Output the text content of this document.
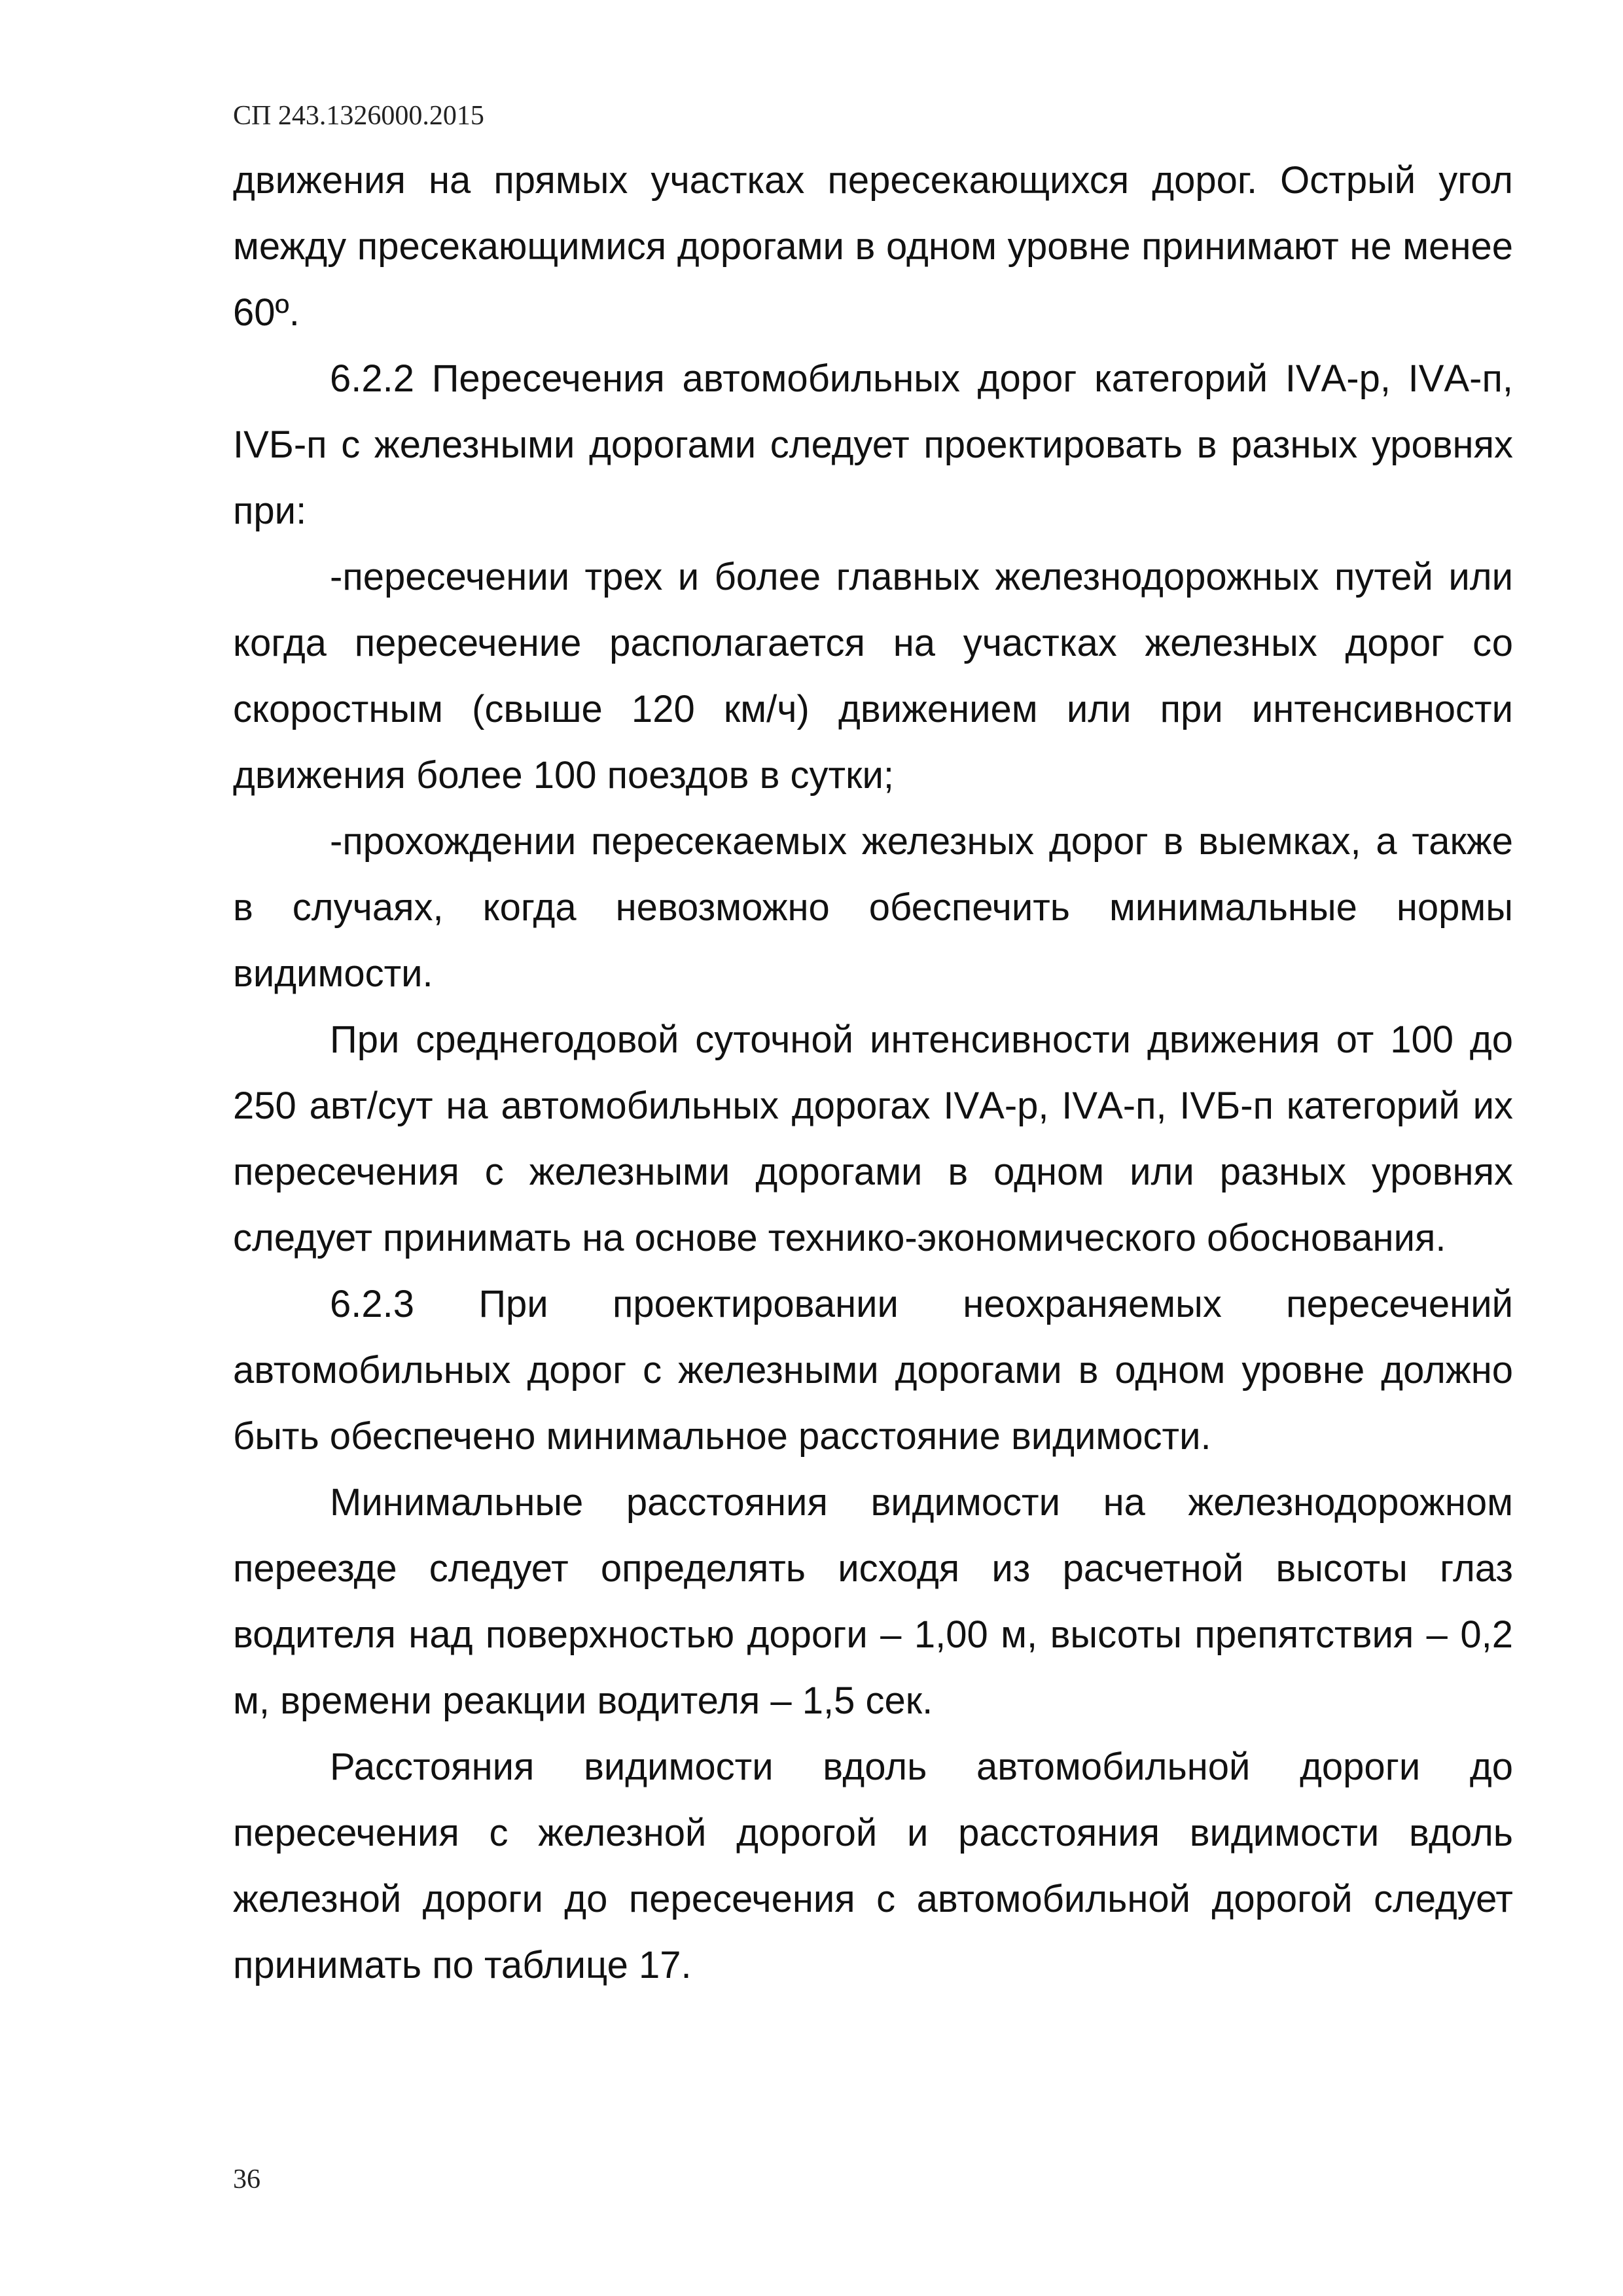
СП 243.1326000.2015

движения на прямых участках пересекающихся дорог. Острый угол между пресекающимися дорогами в одном уровне принимают не менее 60º.

6.2.2 Пересечения автомобильных дорог категорий IVА-р, IVА-п, IVБ-п с железными дорогами следует проектировать в разных уровнях при:

-пересечении трех и более главных железнодорожных путей или когда пересечение располагается на участках железных дорог со скоростным (свыше 120 км/ч) движением или при интенсивности движения более 100 поездов в сутки;

-прохождении пересекаемых железных дорог в выемках, а также в случаях, когда невозможно обеспечить минимальные нормы видимости.

При среднегодовой суточной интенсивности движения от 100 до 250 авт/сут на автомобильных дорогах IVА-р, IVА-п, IVБ-п категорий их пересечения с железными дорогами в одном или разных уровнях следует принимать на основе технико-экономического обоснования.

6.2.3 При проектировании неохраняемых пересечений автомобильных дорог с железными дорогами в одном уровне должно быть обеспечено минимальное расстояние видимости.

Минимальные расстояния видимости на железнодорожном переезде следует определять исходя из расчетной высоты глаз водителя над поверхностью дороги – 1,00 м, высоты препятствия – 0,2 м, времени реакции водителя – 1,5 сек.

Расстояния видимости вдоль автомобильной дороги до пересечения с железной дорогой и расстояния видимости вдоль железной дороги до пересечения с автомобильной дорогой следует принимать по таблице 17.

36
